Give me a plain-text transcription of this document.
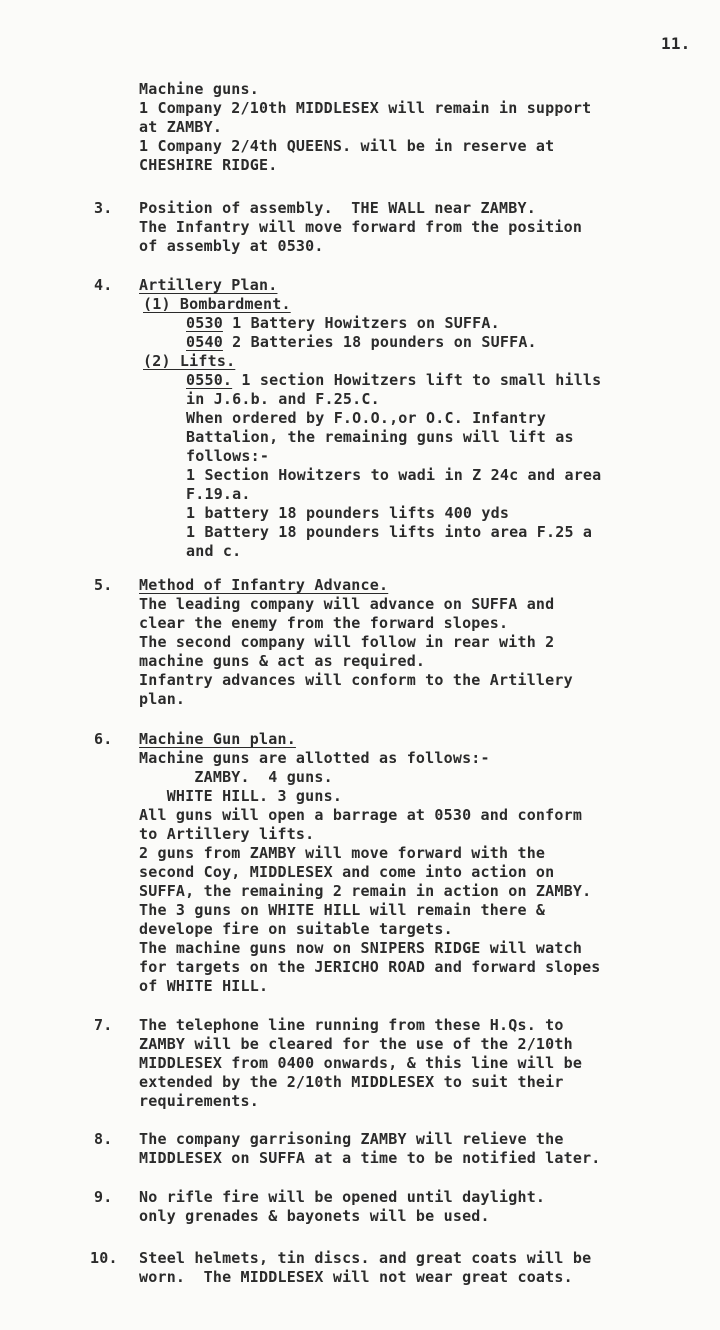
11.
Machine guns.
1 Company 2/10th MIDDLESEX will remain in support
at ZAMBY.
1 Company 2/4th QUEENS. will be in reserve at
CHESHIRE RIDGE.
3. Position of assembly.  THE WALL near ZAMBY.
The Infantry will move forward from the position
of assembly at 0530.
4. Artillery Plan.
(1) Bombardment.
0530 1 Battery Howitzers on SUFFA.
0540 2 Batteries 18 pounders on SUFFA.
(2) Lifts.
0550. 1 section Howitzers lift to small hills
in J.6.b. and F.25.C.
When ordered by F.O.O.,or O.C. Infantry
Battalion, the remaining guns will lift as
follows:-
1 Section Howitzers to wadi in Z 24c and area
F.19.a.
1 battery 18 pounders lifts 400 yds
1 Battery 18 pounders lifts into area F.25 a
and c.
5. Method of Infantry Advance.
The leading company will advance on SUFFA and
clear the enemy from the forward slopes.
The second company will follow in rear with 2
machine guns & act as required.
Infantry advances will conform to the Artillery
plan.
6. Machine Gun plan.
Machine guns are allotted as follows:-
ZAMBY.  4 guns.
WHITE HILL. 3 guns.
All guns will open a barrage at 0530 and conform
to Artillery lifts.
2 guns from ZAMBY will move forward with the
second Coy, MIDDLESEX and come into action on
SUFFA, the remaining 2 remain in action on ZAMBY.
The 3 guns on WHITE HILL will remain there &
develope fire on suitable targets.
The machine guns now on SNIPERS RIDGE will watch
for targets on the JERICHO ROAD and forward slopes
of WHITE HILL.
7. The telephone line running from these H.Qs. to
ZAMBY will be cleared for the use of the 2/10th
MIDDLESEX from 0400 onwards, & this line will be
extended by the 2/10th MIDDLESEX to suit their
requirements.
8. The company garrisoning ZAMBY will relieve the
MIDDLESEX on SUFFA at a time to be notified later.
9. No rifle fire will be opened until daylight.
only grenades & bayonets will be used.
10. Steel helmets, tin discs. and great coats will be
worn.  The MIDDLESEX will not wear great coats.
